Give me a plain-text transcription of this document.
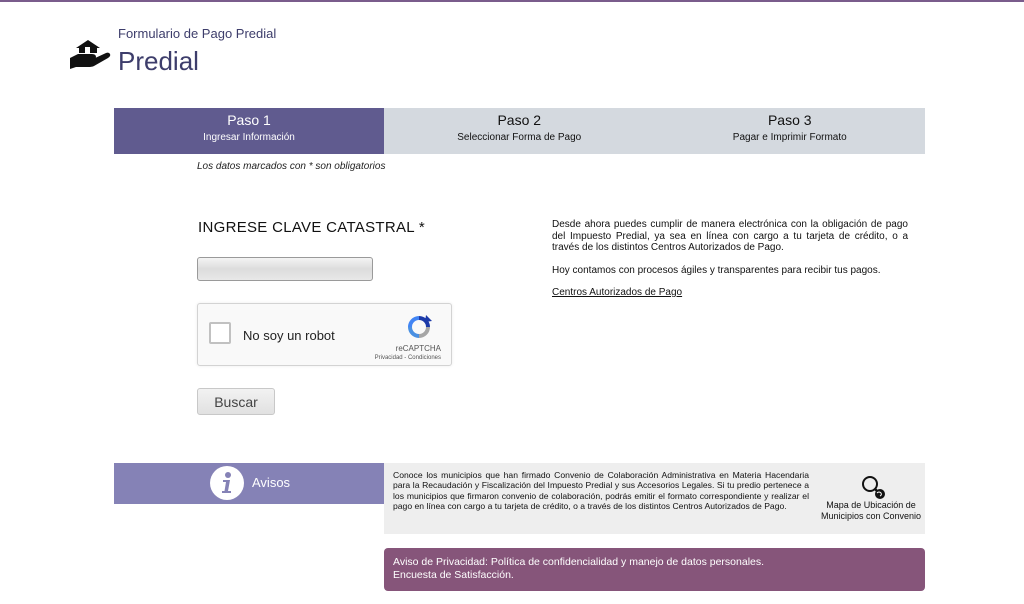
Formulario de Pago Predial
Predial
Paso 1
Ingresar Información
Paso 2
Seleccionar Forma de Pago
Paso 3
Pagar e Imprimir Formato
Los datos marcados con * son obligatorios
INGRESE CLAVE CATASTRAL *
No soy un robot
reCAPTCHA
Privacidad - Condiciones
Buscar

Desde ahora puedes cumplir de manera electrónica con la obligación de pago del Impuesto Predial, ya sea en línea con cargo a tu tarjeta de crédito, o a través de los distintos Centros Autorizados de Pago.

Hoy contamos con procesos ágiles y transparentes para recibir tus pagos.

Centros Autorizados de Pago
Avisos	Conoce los municipios que han firmado Convenio de Colaboración Administrativa en Materia Hacendaria para la Recaudación y Fiscalización del Impuesto Predial y sus Accesorios Legales. Si tu predio pertenece a los municipios que firmaron convenio de colaboración, podrás emitir el formato correspondiente y realizar el pago en línea con cargo a tu tarjeta de crédito, o a través de los distintos Centros Autorizados de Pago.	Mapa de Ubicación de Municipios con Convenio
Aviso de Privacidad: Política de confidencialidad y manejo de datos personales.
Encuesta de Satisfacción.
